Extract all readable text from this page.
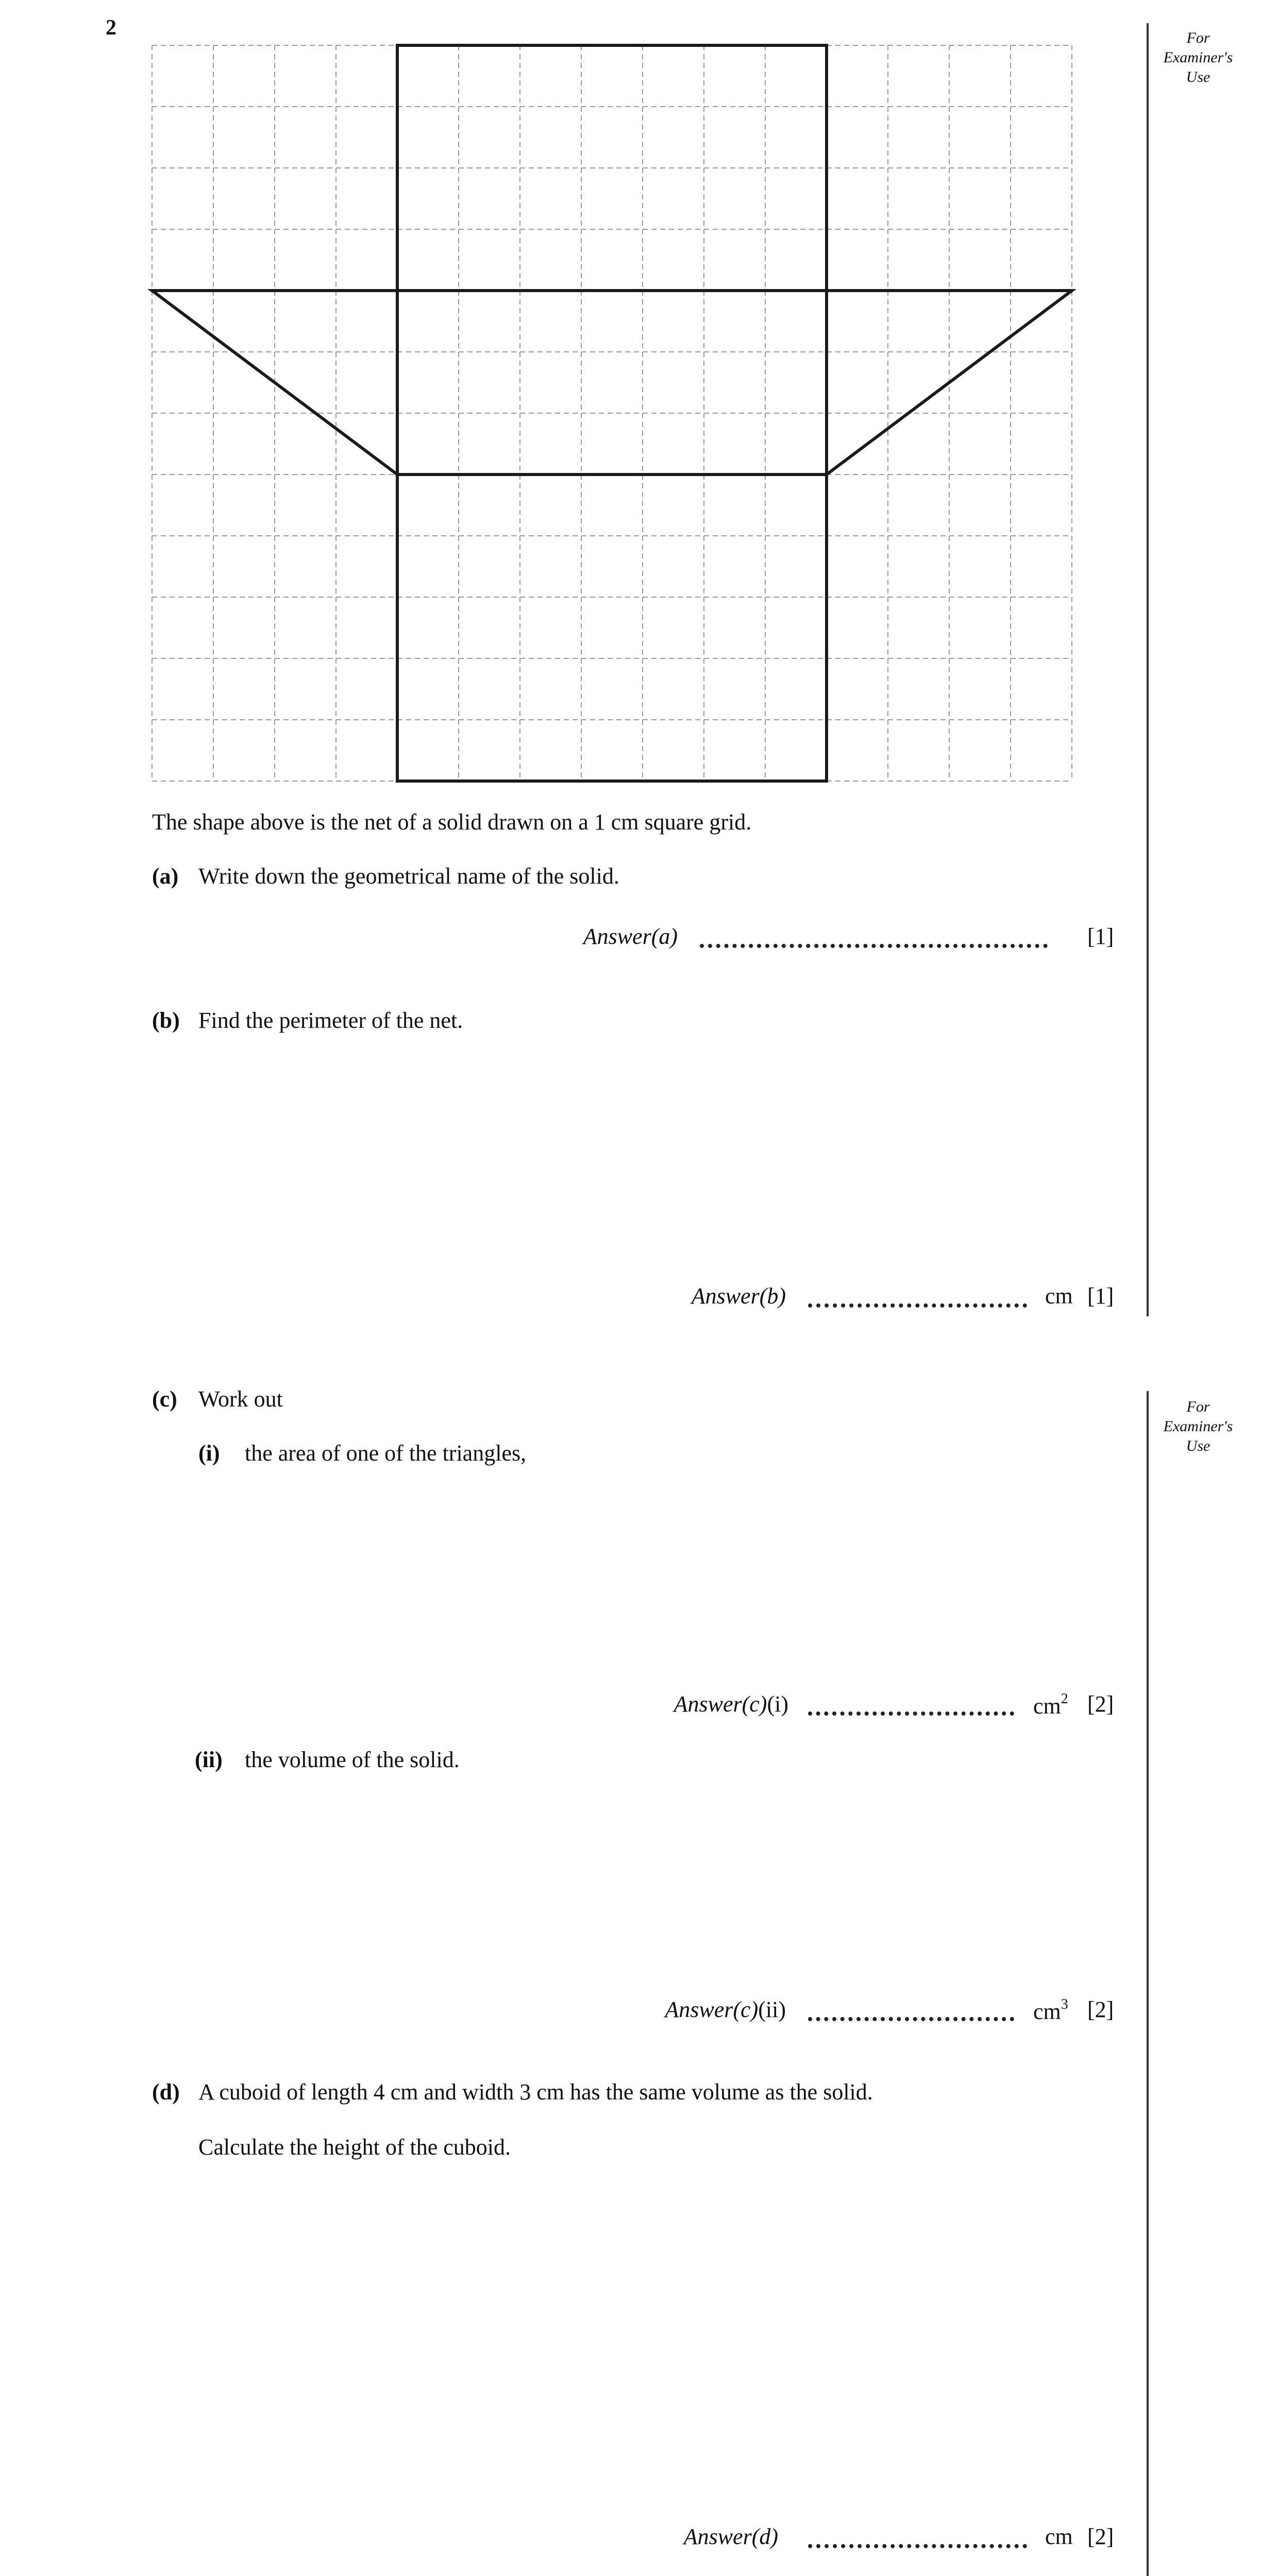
2	For
Examiner's
Use
For
Examiner's
Use
The shape above is the net of a solid drawn on a 1 cm square grid.
(a) Write down the geometrical name of the solid.
Answer(a)	[1]
(b) Find the perimeter of the net.
Answer(b)	cm [1]
(c) Work out
(i) the area of one of the triangles,
Answer(c)(i)	$cm^2$ [2]
(ii) the volume of the solid.
Answer(c)(ii)	$cm^3$ [2]
(d) A cuboid of length 4 cm and width 3 cm has the same volume as the solid.
Calculate the height of the cuboid.
Answer(d)	cm [2]
